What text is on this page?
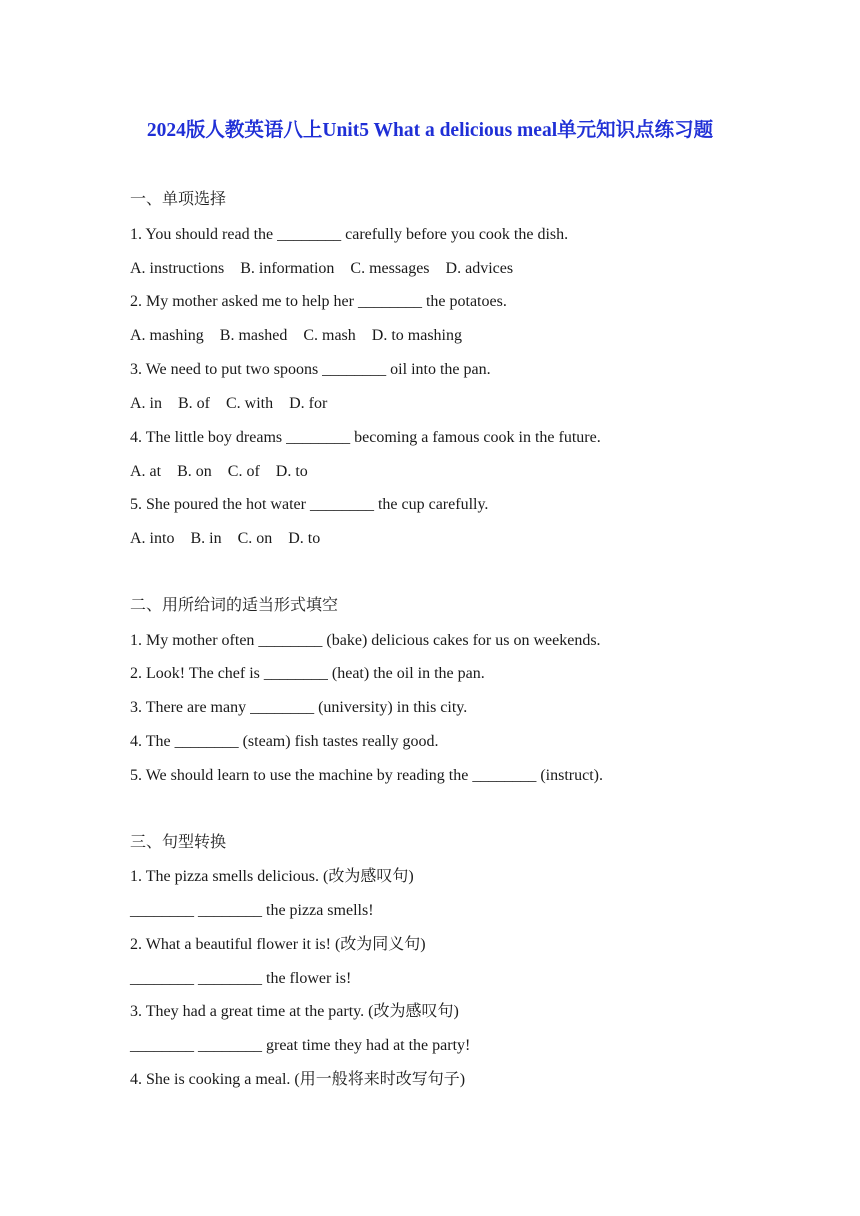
2024版人教英语八上Unit5 What a delicious meal单元知识点练习题
一、单项选择
1. You should read the ________ carefully before you cook the dish.
A. instructions    B. information    C. messages    D. advices
2. My mother asked me to help her ________ the potatoes.
A. mashing    B. mashed    C. mash    D. to mashing
3. We need to put two spoons ________ oil into the pan.
A. in    B. of    C. with    D. for
4. The little boy dreams ________ becoming a famous cook in the future.
A. at    B. on    C. of    D. to
5. She poured the hot water ________ the cup carefully.
A. into    B. in    C. on    D. to
二、用所给词的适当形式填空
1. My mother often ________ (bake) delicious cakes for us on weekends.
2. Look! The chef is ________ (heat) the oil in the pan.
3. There are many ________ (university) in this city.
4. The ________ (steam) fish tastes really good.
5. We should learn to use the machine by reading the ________ (instruct).
三、句型转换
1. The pizza smells delicious. (改为感叹句)
________ ________ the pizza smells!
2. What a beautiful flower it is! (改为同义句)
________ ________ the flower is!
3. They had a great time at the party. (改为感叹句)
________ ________ great time they had at the party!
4. She is cooking a meal. (用一般将来时改写句子)
